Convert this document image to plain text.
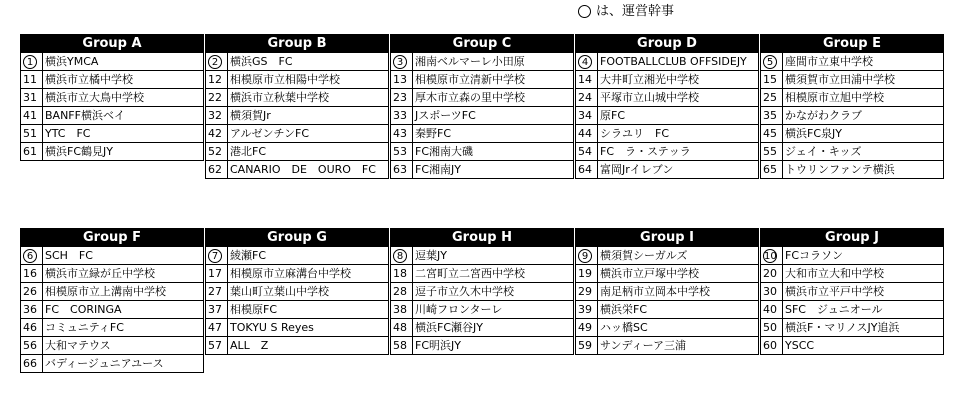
は、運営幹事
Group A
1	横浜YMCA
11	横浜市立橘中学校
31	横浜市立大鳥中学校
41	BANFF横浜ベイ
51	YTC　FC
61	横浜FC鶴見JY
Group B
2	横浜GS　FC
12	相模原市立相陽中学校
22	横浜市立秋葉中学校
32	横須賀Jr
42	アルゼンチンFC
52	港北FC
62	CANARIO　DE　OURO　FC
Group C
3	湘南ベルマーレ小田原
13	相模原市立清新中学校
23	厚木市立森の里中学校
33	JスポーツFC
43	秦野FC
53	FC湘南大磯
63	FC湘南JY
Group D
4	FOOTBALLCLUB OFFSIDEJY
14	大井町立湘光中学校
24	平塚市立山城中学校
34	原FC
44	シラユリ　FC
54	FC　ラ・ステッラ
64	富岡Jrイレブン
Group E
5	座間市立東中学校
15	横須賀市立田浦中学校
25	相模原市立旭中学校
35	かながわクラブ
45	横浜FC泉JY
55	ジェイ・キッズ
65	トウリンファンテ横浜
Group F
6	SCH　FC
16	横浜市立緑が丘中学校
26	相模原市立上溝南中学校
36	FC　CORINGA
46	コミュニティFC
56	大和マテウス
66	バディージュニアユース
Group G
7	綾瀬FC
17	相模原市立麻溝台中学校
27	葉山町立葉山中学校
37	相模原FC
47	TOKYU S Reyes
57	ALL　Z
Group H
8	逗葉JY
18	二宮町立二宮西中学校
28	逗子市立久木中学校
38	川崎フロンターレ
48	横浜FC瀬谷JY
58	FC明浜JY
Group I
9	横須賀シーガルズ
19	横浜市立戸塚中学校
29	南足柄市立岡本中学校
39	横浜栄FC
49	ハッ橋SC
59	サンディーア三浦
Group J
10	FCコラソン
20	大和市立大和中学校
30	横浜市立平戸中学校
40	SFC　ジュニオール
50	横浜F・マリノスJY追浜
60	YSCC
